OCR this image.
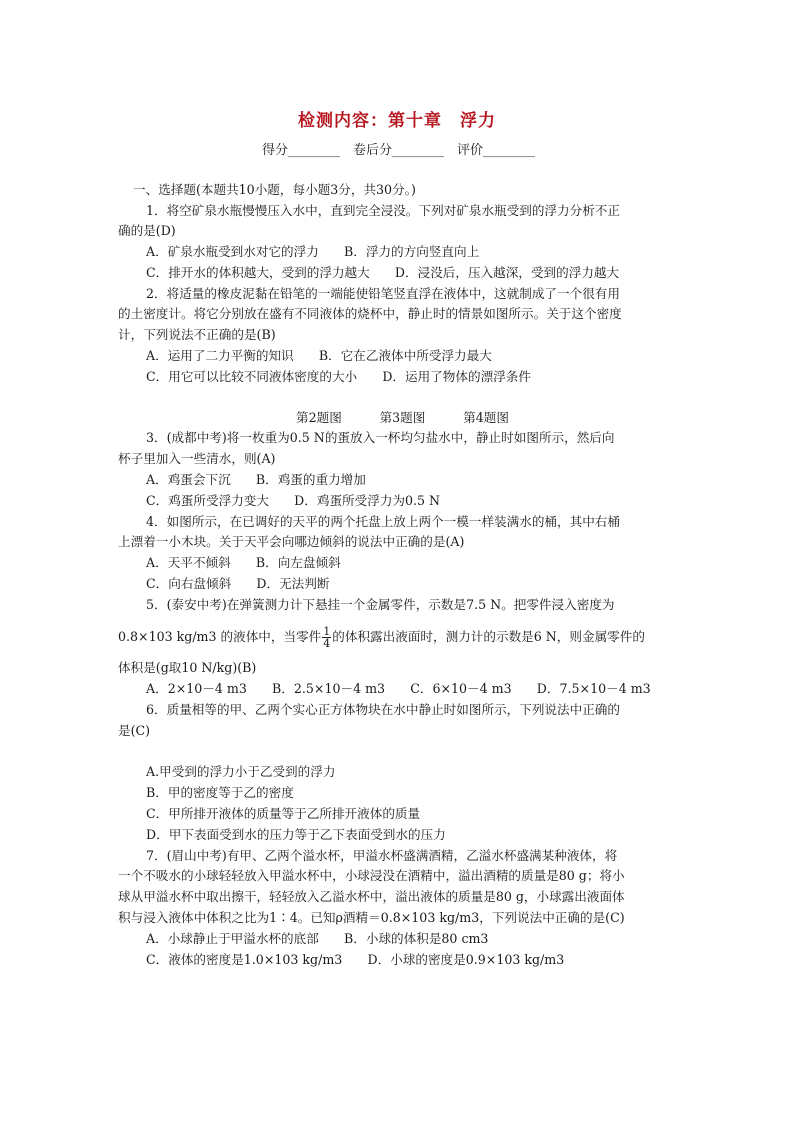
检测内容：第十章　浮力
得分________　卷后分________　评价________
一、选择题(本题共10小题，每小题3分，共30分。)
1．将空矿泉水瓶慢慢压入水中，直到完全浸没。下列对矿泉水瓶受到的浮力分析不正
确的是(D)
A．矿泉水瓶受到水对它的浮力　　B．浮力的方向竖直向上
C．排开水的体积越大，受到的浮力越大　　D．浸没后，压入越深，受到的浮力越大
2．将适量的橡皮泥黏在铅笔的一端能使铅笔竖直浮在液体中，这就制成了一个很有用
的土密度计。将它分别放在盛有不同液体的烧杯中，静止时的情景如图所示。关于这个密度
计，下列说法不正确的是(B)
A．运用了二力平衡的知识　　B．它在乙液体中所受浮力最大
C．用它可以比较不同液体密度的大小　　D．运用了物体的漂浮条件
第2题图　　　第3题图　　　第4题图
3．(成都中考)将一枚重为0.5 N的蛋放入一杯均匀盐水中，静止时如图所示，然后向
杯子里加入一些清水，则(A)
A．鸡蛋会下沉　　B．鸡蛋的重力增加
C．鸡蛋所受浮力变大　　D．鸡蛋所受浮力为0.5 N
4．如图所示，在已调好的天平的两个托盘上放上两个一模一样装满水的桶，其中右桶
上漂着一小木块。关于天平会向哪边倾斜的说法中正确的是(A)
A．天平不倾斜　　B．向左盘倾斜
C．向右盘倾斜　　D．无法判断
5．(泰安中考)在弹簧测力计下悬挂一个金属零件，示数是7.5 N。把零件浸入密度为
0.8×103 kg/m3 的液体中，当零件 $\frac{1}{4}$ 的体积露出液面时，测力计的示数是6 N，则金属零件的
体积是(g取10 N/kg)(B)
A．2×10－4 m3　　B．2.5×10－4 m3　　C．6×10－4 m3　　D．7.5×10－4 m3
6．质量相等的甲、乙两个实心正方体物块在水中静止时如图所示，下列说法中正确的
是(C)
A.甲受到的浮力小于乙受到的浮力
B．甲的密度等于乙的密度
C．甲所排开液体的质量等于乙所排开液体的质量
D．甲下表面受到水的压力等于乙下表面受到水的压力
7．(眉山中考)有甲、乙两个溢水杯，甲溢水杯盛满酒精，乙溢水杯盛满某种液体，将
一个不吸水的小球轻轻放入甲溢水杯中，小球浸没在酒精中，溢出酒精的质量是80 g；将小
球从甲溢水杯中取出擦干，轻轻放入乙溢水杯中，溢出液体的质量是80 g，小球露出液面体
积与浸入液体中体积之比为1∶4。已知ρ酒精＝0.8×103 kg/m3，下列说法中正确的是(C)
A．小球静止于甲溢水杯的底部　　B．小球的体积是80 cm3
C．液体的密度是1.0×103 kg/m3　　D．小球的密度是0.9×103 kg/m3
